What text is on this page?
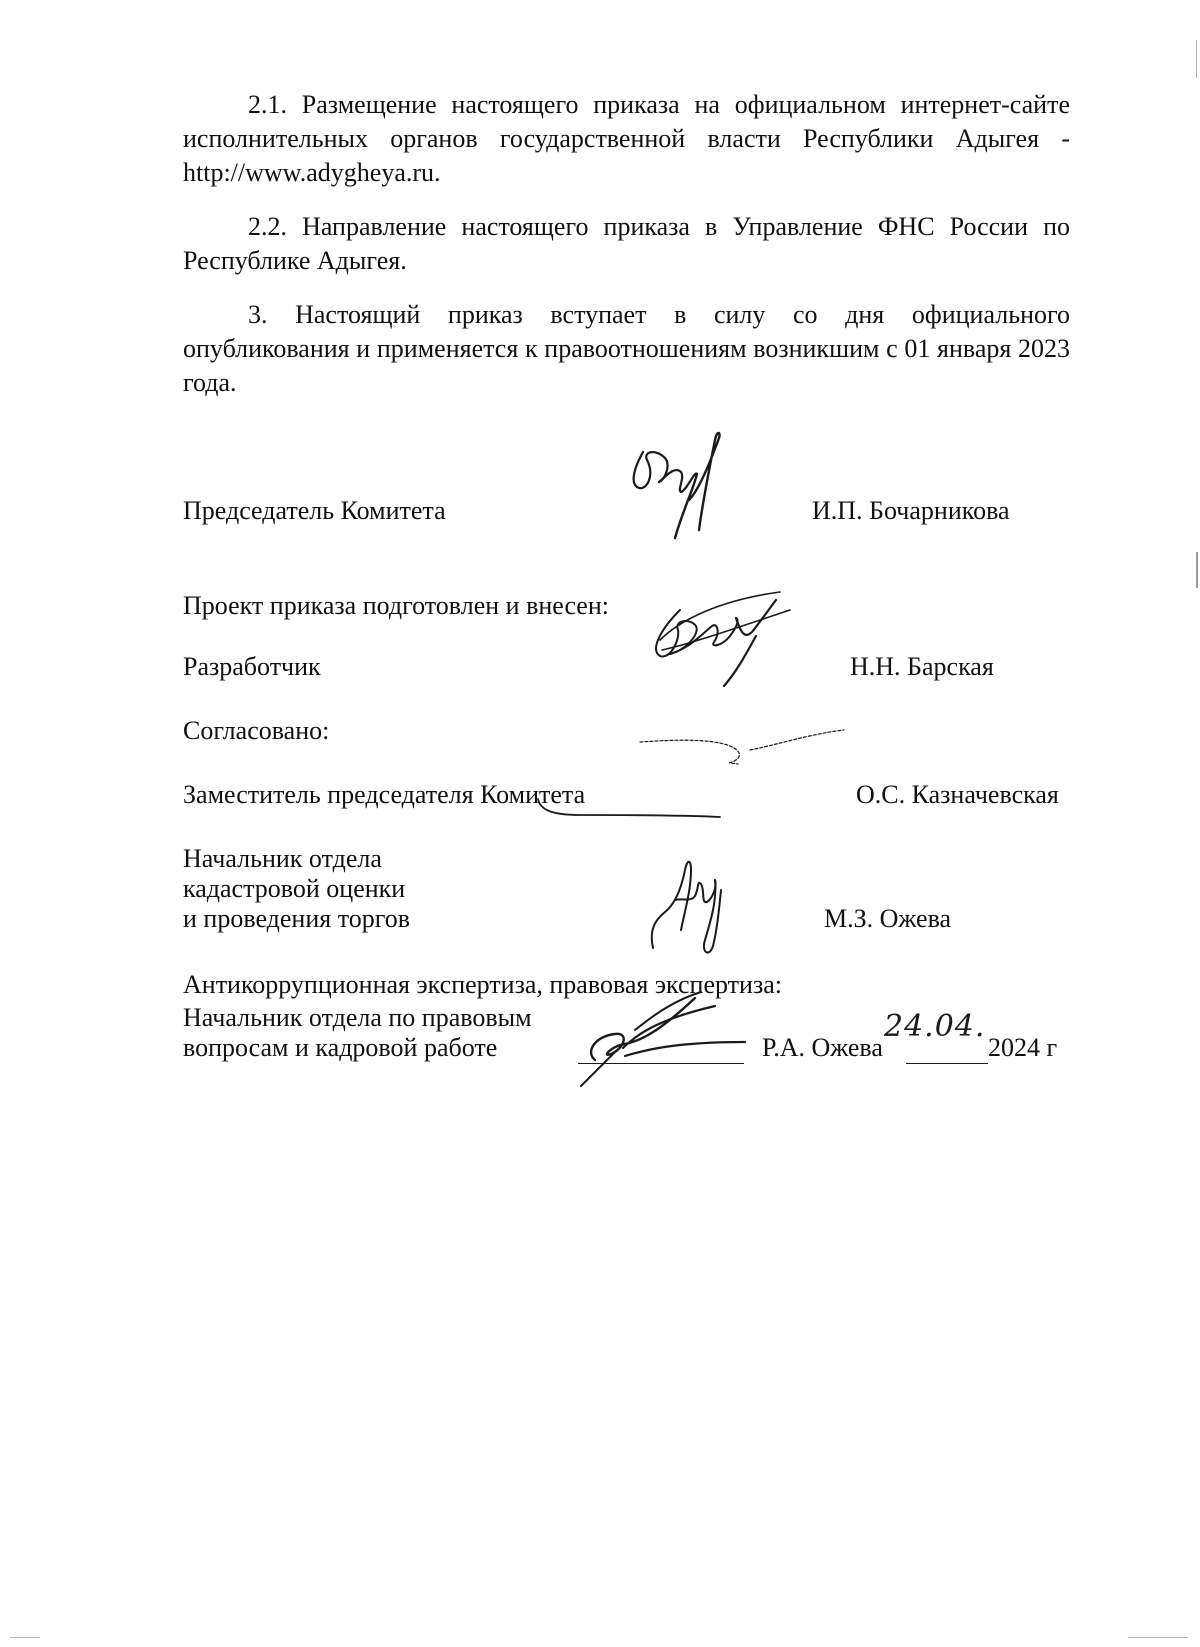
2.1. Размещение настоящего приказа на официальном интернет-сайте исполнительных органов государственной власти Республики Адыгея - http://www.adygheya.ru.
2.2. Направление настоящего приказа в Управление ФНС России по Республике Адыгея.
3. Настоящий приказ вступает в силу со дня официального опубликования и применяется к правоотношениям возникшим с 01 января 2023 года.
Председатель Комитета	И.П. Бочарникова
Проект приказа подготовлен и внесен:
Разработчик	Н.Н. Барская
Согласовано:
Заместитель председателя Комитета	О.С. Казначевская
Начальник отдела
кадастровой оценки
и проведения торгов	М.З. Ожева
Антикоррупционная экспертиза, правовая экспертиза:
Начальник отдела по правовым
вопросам и кадровой работе	Р.А. Ожева
24.04.
2024 г
